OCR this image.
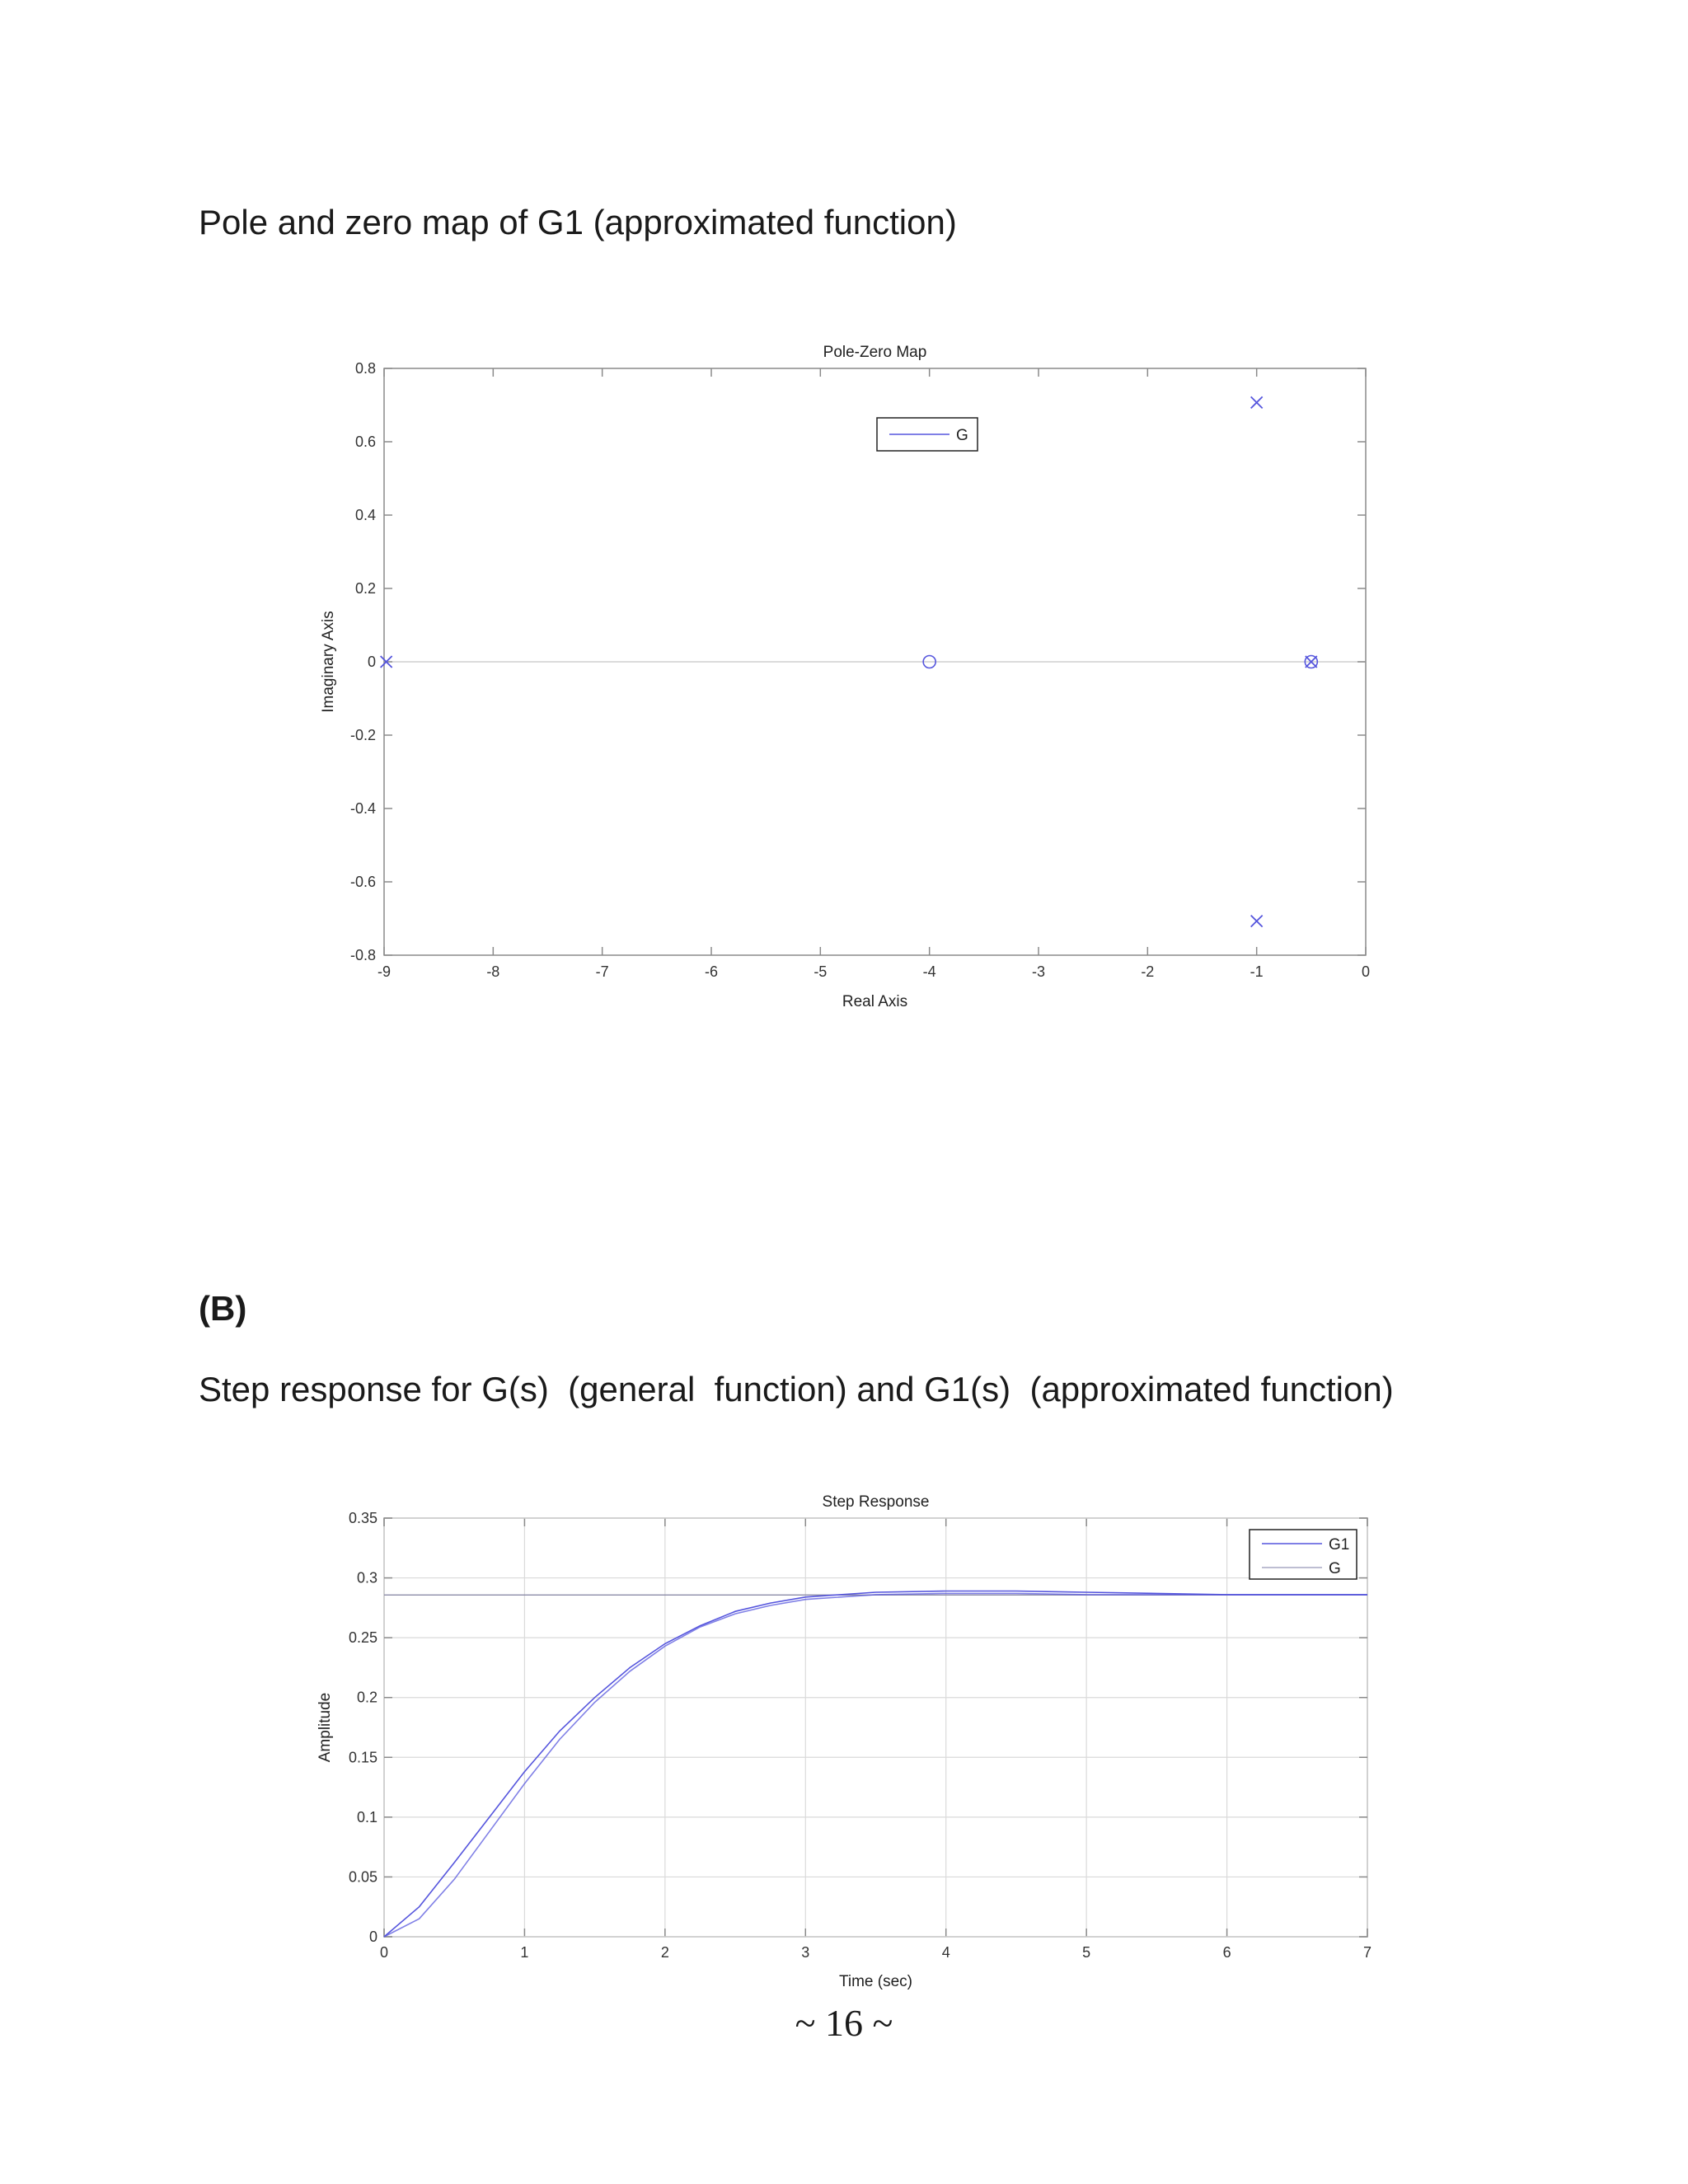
Pole and zero map of G1 (approximated function)

-9	-8	-7	-6	-5	-4	-3	-2	-1	0
0.8
0.6
0.4
0.2
0
-0.2
-0.4
-0.6
-0.8
Pole-Zero Map
Real Axis
Imaginary Axis
G

(B)

Step response for G(s)  (general  function) and G1(s)  (approximated function)

0	1	2	3	4	5	6	7
0
0.05
0.1
0.15
0.2
0.25
0.3
0.35
Step Response
Time (sec)
Amplitude
G1
G
~ 16 ~
